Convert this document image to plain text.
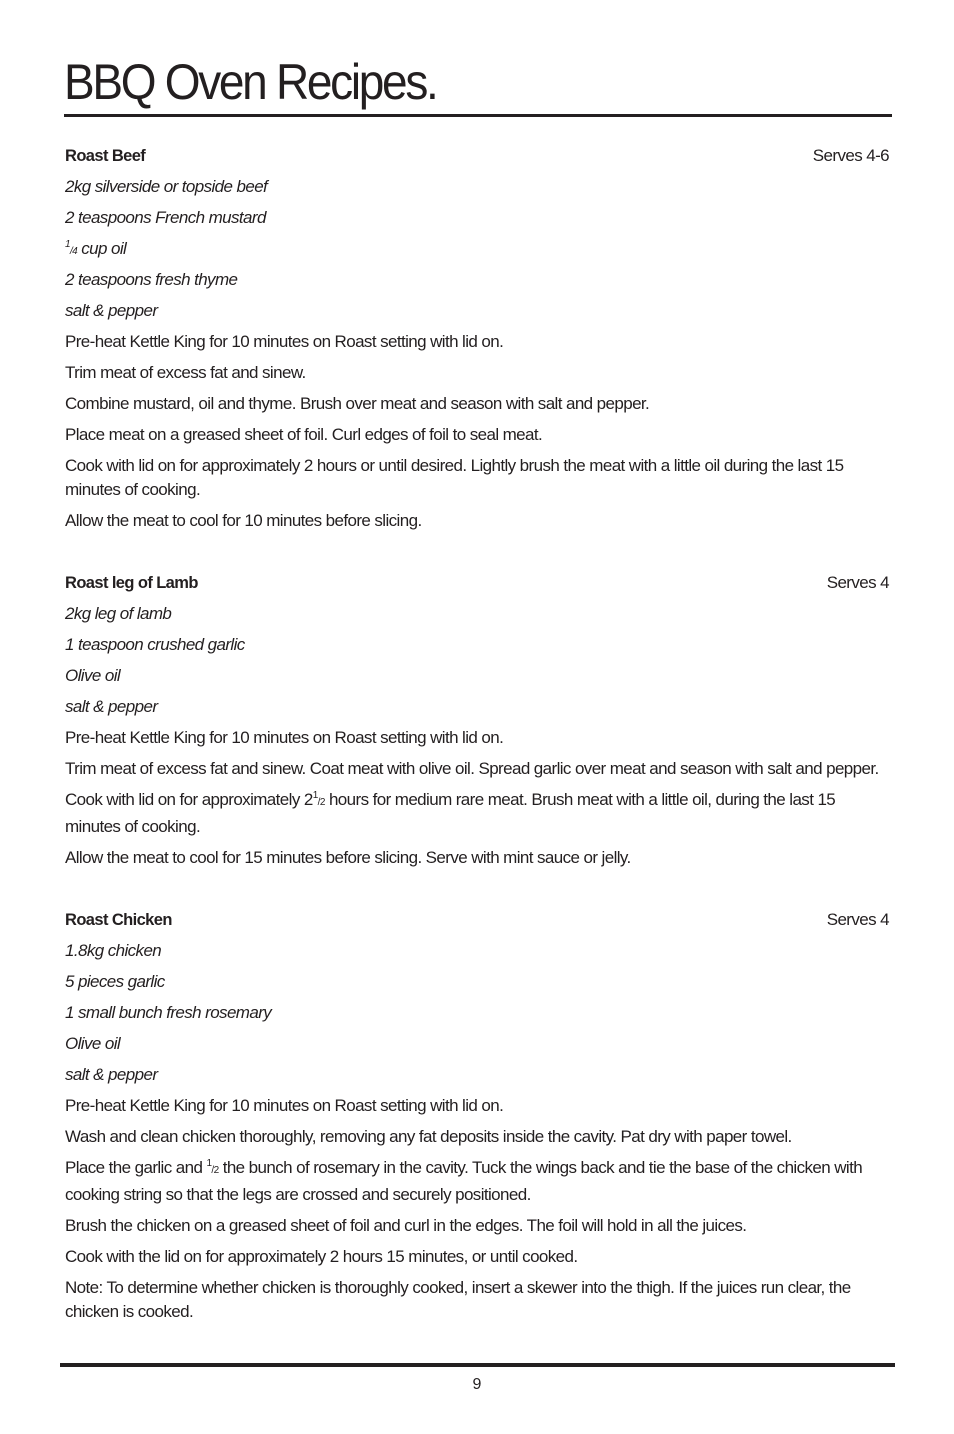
BBQ Oven Recipes.
Roast Beef	Serves 4-6
2kg silverside or topside beef
2 teaspoons French mustard
$^1$/4 cup oil
2 teaspoons fresh thyme
salt & pepper
Pre-heat Kettle King for 10 minutes on Roast setting with lid on.
Trim meat of excess fat and sinew.
Combine mustard, oil and thyme. Brush over meat and season with salt and pepper.
Place meat on a greased sheet of foil. Curl edges of foil to seal meat.
Cook with lid on for approximately 2 hours or until desired. Lightly brush the meat with a little oil during the last 15 minutes of cooking.
Allow the meat to cool for 10 minutes before slicing.
Roast leg of Lamb	Serves 4
2kg leg of lamb
1 teaspoon crushed garlic
Olive oil
salt & pepper
Pre-heat Kettle King for 10 minutes on Roast setting with lid on.
Trim meat of excess fat and sinew. Coat meat with olive oil. Spread garlic over meat and season with salt and pepper.
Cook with lid on for approximately $2^1/2$ hours for medium rare meat. Brush meat with a little oil, during the last 15 minutes of cooking.
Allow the meat to cool for 15 minutes before slicing. Serve with mint sauce or jelly.
Roast Chicken	Serves 4
1.8kg chicken
5 pieces garlic
1 small bunch fresh rosemary
Olive oil
salt & pepper
Pre-heat Kettle King for 10 minutes on Roast setting with lid on.
Wash and clean chicken thoroughly, removing any fat deposits inside the cavity. Pat dry with paper towel.
Place the garlic and $^1$/2 the bunch of rosemary in the cavity. Tuck the wings back and tie the base of the chicken with cooking string so that the legs are crossed and securely positioned.
Brush the chicken on a greased sheet of foil and curl in the edges. The foil will hold in all the juices.
Cook with the lid on for approximately 2 hours 15 minutes, or until cooked.
Note: To determine whether chicken is thoroughly cooked, insert a skewer into the thigh. If the juices run clear, the chicken is cooked.
9
